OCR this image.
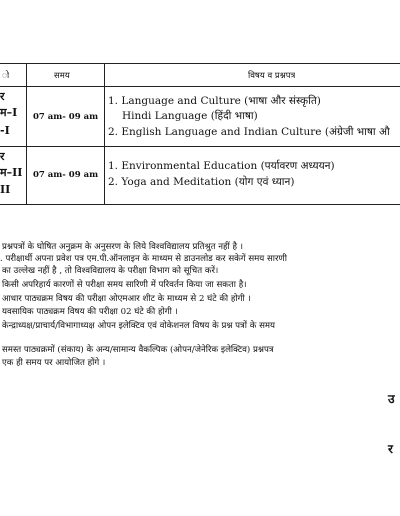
ो	समय	विषय व प्रश्नपत्र
र
म–I
-I
07 am- 09 am
1. Language and Culture (भाषा और संस्कृति)
Hindi Language (हिंदी भाषा)
2. English Language and Indian Culture (अंग्रेजी भाषा औ
र
म–II
II
07 am- 09 am
1. Environmental Education (पर्यावरण अध्ययन)
2. Yoga and Meditation (योग एवं ध्यान)
प्रश्नपत्रों के घोषित अनुक्रम के अनुसरण के लिये विश्वविद्यालय प्रतिश्रुत नहीं है ।
. परीक्षार्थी अपना प्रवेश पत्र एम.पी.ऑनलाइन के माध्यम से डाउनलोड कर सकेगें समय सारणी
का उल्लेख नहीं है , तो विश्वविद्यालय के परीक्षा विभाग को सूचित करें।
किसी अपरिहार्य कारणों से परीक्षा समय सारिणी में परिवर्तन किया जा सकता है।
आधार पाठ्यक्रम विषय की परीक्षा ओएमआर शीट के माध्यम से 2 घंटे की होगी ।
यवसायिक पाठ्यक्रम विषय की परीक्षा 02 घंटे की होगी ।
केन्द्राध्यक्ष/प्राचार्य/विभागाध्यक्ष ओपन इलेक्टिव एवं वोकेशनल विषय के प्रश्न पत्रों के समय
समस्त पाठ्यक्रमों (संकाय) के अन्य/सामान्य वैकल्पिक (ओपन/जेनेरिक इलेक्टिव) प्रश्नपत्र
एक ही समय पर आयोजित होंगे ।
उ
र
